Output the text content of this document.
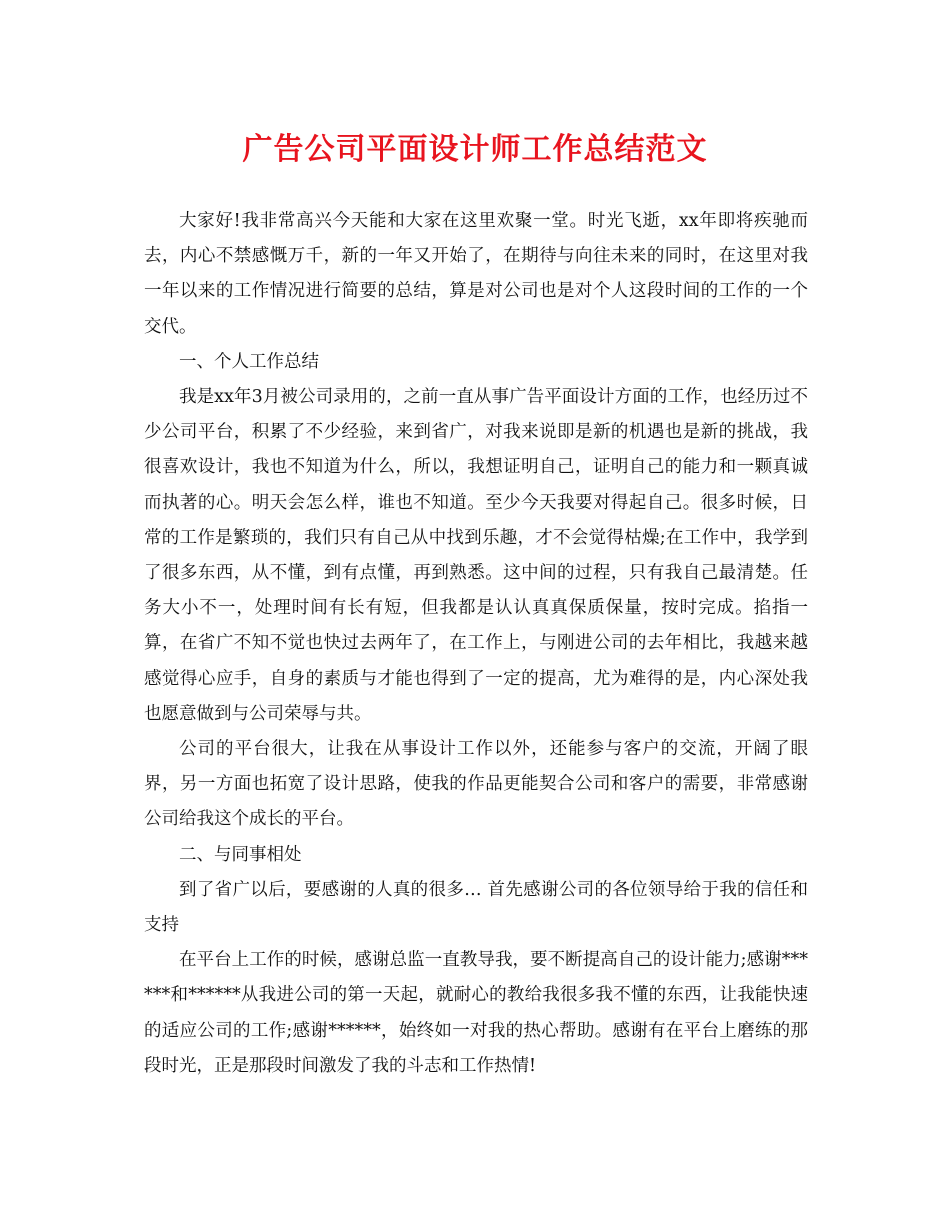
广告公司平面设计师工作总结范文

大家好!我非常高兴今天能和大家在这里欢聚一堂。时光飞逝，xx年即将疾驰而去，内心不禁感慨万千，新的一年又开始了，在期待与向往未来的同时，在这里对我一年以来的工作情况进行简要的总结，算是对公司也是对个人这段时间的工作的一个交代。

一、个人工作总结

我是xx年3月被公司录用的，之前一直从事广告平面设计方面的工作，也经历过不少公司平台，积累了不少经验，来到省广，对我来说即是新的机遇也是新的挑战，我很喜欢设计，我也不知道为什么，所以，我想证明自己，证明自己的能力和一颗真诚而执著的心。明天会怎么样，谁也不知道。至少今天我要对得起自己。很多时候，日常的工作是繁琐的，我们只有自己从中找到乐趣，才不会觉得枯燥;在工作中，我学到了很多东西，从不懂，到有点懂，再到熟悉。这中间的过程，只有我自己最清楚。任务大小不一，处理时间有长有短，但我都是认认真真保质保量，按时完成。掐指一算，在省广不知不觉也快过去两年了，在工作上，与刚进公司的去年相比，我越来越感觉得心应手，自身的素质与才能也得到了一定的提高，尤为难得的是，内心深处我也愿意做到与公司荣辱与共。

公司的平台很大，让我在从事设计工作以外，还能参与客户的交流，开阔了眼界，另一方面也拓宽了设计思路，使我的作品更能契合公司和客户的需要，非常感谢公司给我这个成长的平台。

二、与同事相处

到了省广以后，要感谢的人真的很多… 首先感谢公司的各位领导给于我的信任和支持

在平台上工作的时候，感谢总监一直教导我，要不断提高自己的设计能力;感谢******和******从我进公司的第一天起，就耐心的教给我很多我不懂的东西，让我能快速的适应公司的工作;感谢******，始终如一对我的热心帮助。感谢有在平台上磨练的那段时光，正是那段时间激发了我的斗志和工作热情!
